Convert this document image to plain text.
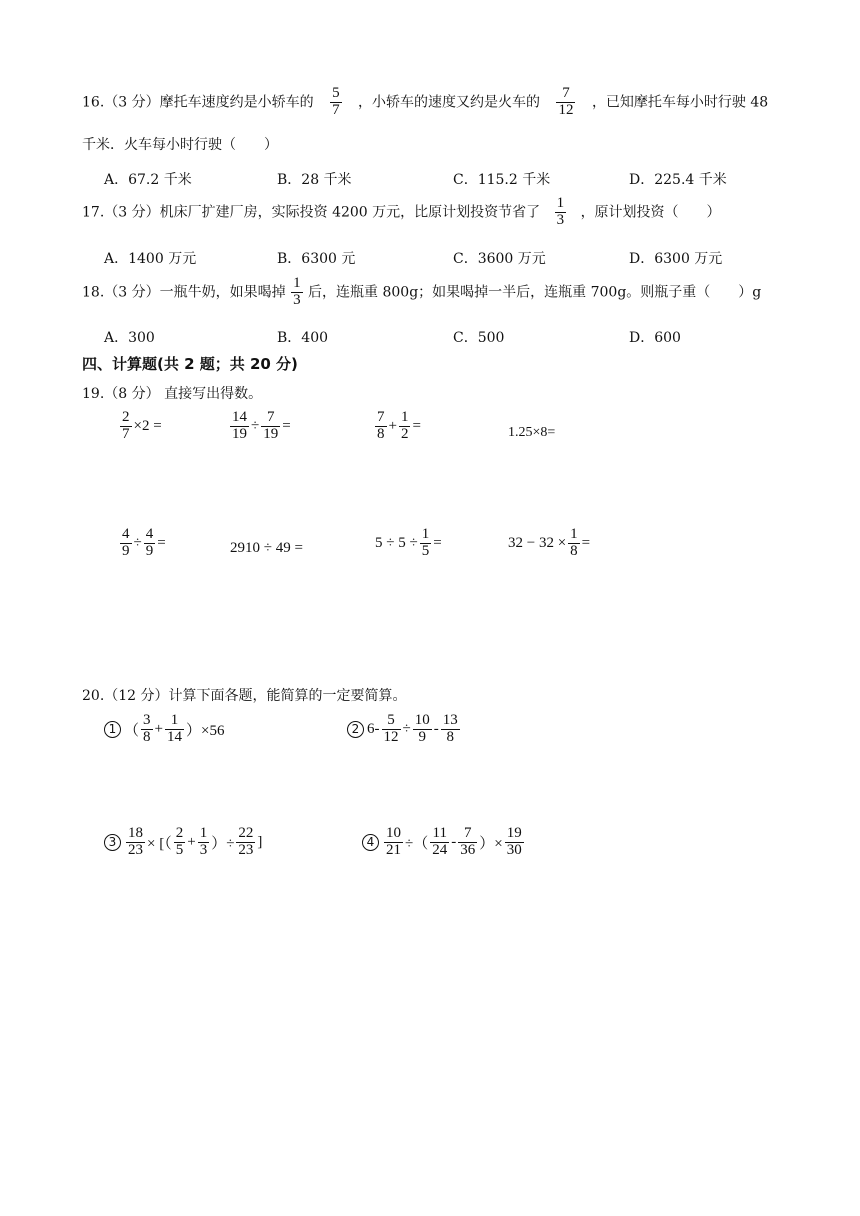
16.（3 分）摩托车速度约是小轿车的 $\frac{5}{7}$ ，小轿车的速度又约是火车的 $\frac{7}{12}$ ，已知摩托车每小时行驶 48
千米．火车每小时行驶（　　）
A．67.2 千米	B．28 千米	C．115.2 千米	D．225.4 千米
17.（3 分）机床厂扩建厂房，实际投资 4200 万元，比原计划投资节省了 $\frac{1}{3}$ ，原计划投资（　　）
A．1400 万元	B．6300 元	C．3600 万元	D．6300 万元
18.（3 分）一瓶牛奶，如果喝掉 $\frac{1}{3}$ 后，连瓶重 800g；如果喝掉一半后，连瓶重 700g。则瓶子重（　　）g
A．300	B．400	C．500	D．600
四、计算题(共 2 题；共 20 分)
19.（8 分） 直接写出得数。
$\frac{2}{7} \times 2$ =	$\frac{14}{19} \div \frac{7}{19}$ =	$\frac{7}{8} + \frac{1}{2}$ =	1.25×8=
$\frac{4}{9} \div \frac{4}{9}$ =	2910 ÷ 49 =	$5 \div 5 \div \frac{1}{5}$ =	$32 - 32 \times \frac{1}{8}$ =
20.（12 分）计算下面各题，能简算的一定要简算。
1 （ $\frac{3}{8} + \frac{1}{14} )\times 56$	2 $6- \frac{5}{12} \div \frac{10}{9} - \frac{13}{8}$
$3 \frac{18}{23}$ × [（ $\frac{2}{5} + \frac{1}{3}$ ）÷ $\frac{22}{23}$ ]	$4 \frac{10}{21}$ ÷（ $\frac{11}{24} - \frac{7}{36}$ ）× $\frac{19}{30}$
